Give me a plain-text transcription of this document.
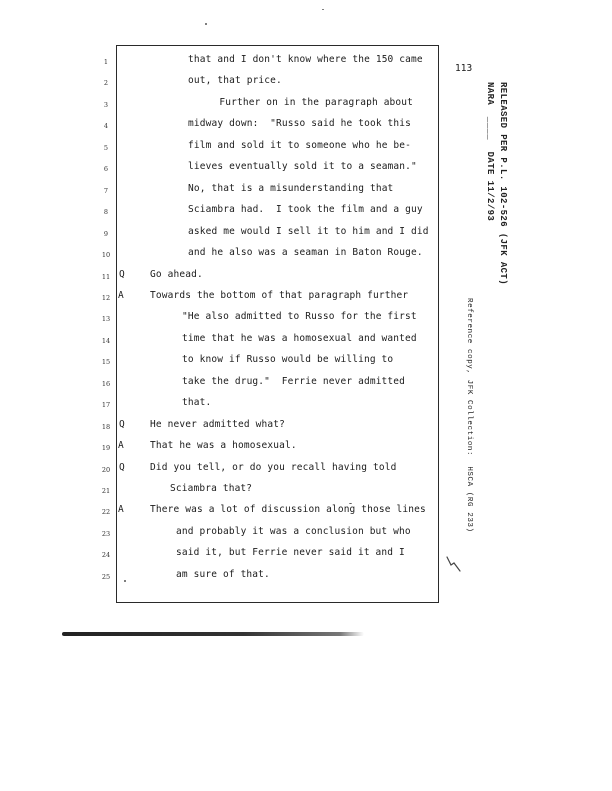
113
RELEASED PER P.L. 102-526 (JFK ACT)
NARA  ____  DATE 11/2/93
Reference copy, JFK Collection:  HSCA (RG 233)
1	that and I don't know where the 150 came
2	out, that price.
3	Further on in the paragraph about
4	midway down:  "Russo said he took this
5	film and sold it to someone who he be-
6	lieves eventually sold it to a seaman."
7	No, that is a misunderstanding that
8	Sciambra had.  I took the film and a guy
9	asked me would I sell it to him and I did
10	and he also was a seaman in Baton Rouge.
11 Q	Go ahead.
12 A	Towards the bottom of that paragraph further
13	"He also admitted to Russo for the first
14	time that he was a homosexual and wanted
15	to know if Russo would be willing to
16	take the drug."  Ferrie never admitted
17	that.
18 Q	He never admitted what?
19 A	That he was a homosexual.
20 Q	Did you tell, or do you recall having told
21	Sciambra that?
22 A	There was a lot of discussion along those lines
23	and probably it was a conclusion but who
24	said it, but Ferrie never said it and I
25	am sure of that.
